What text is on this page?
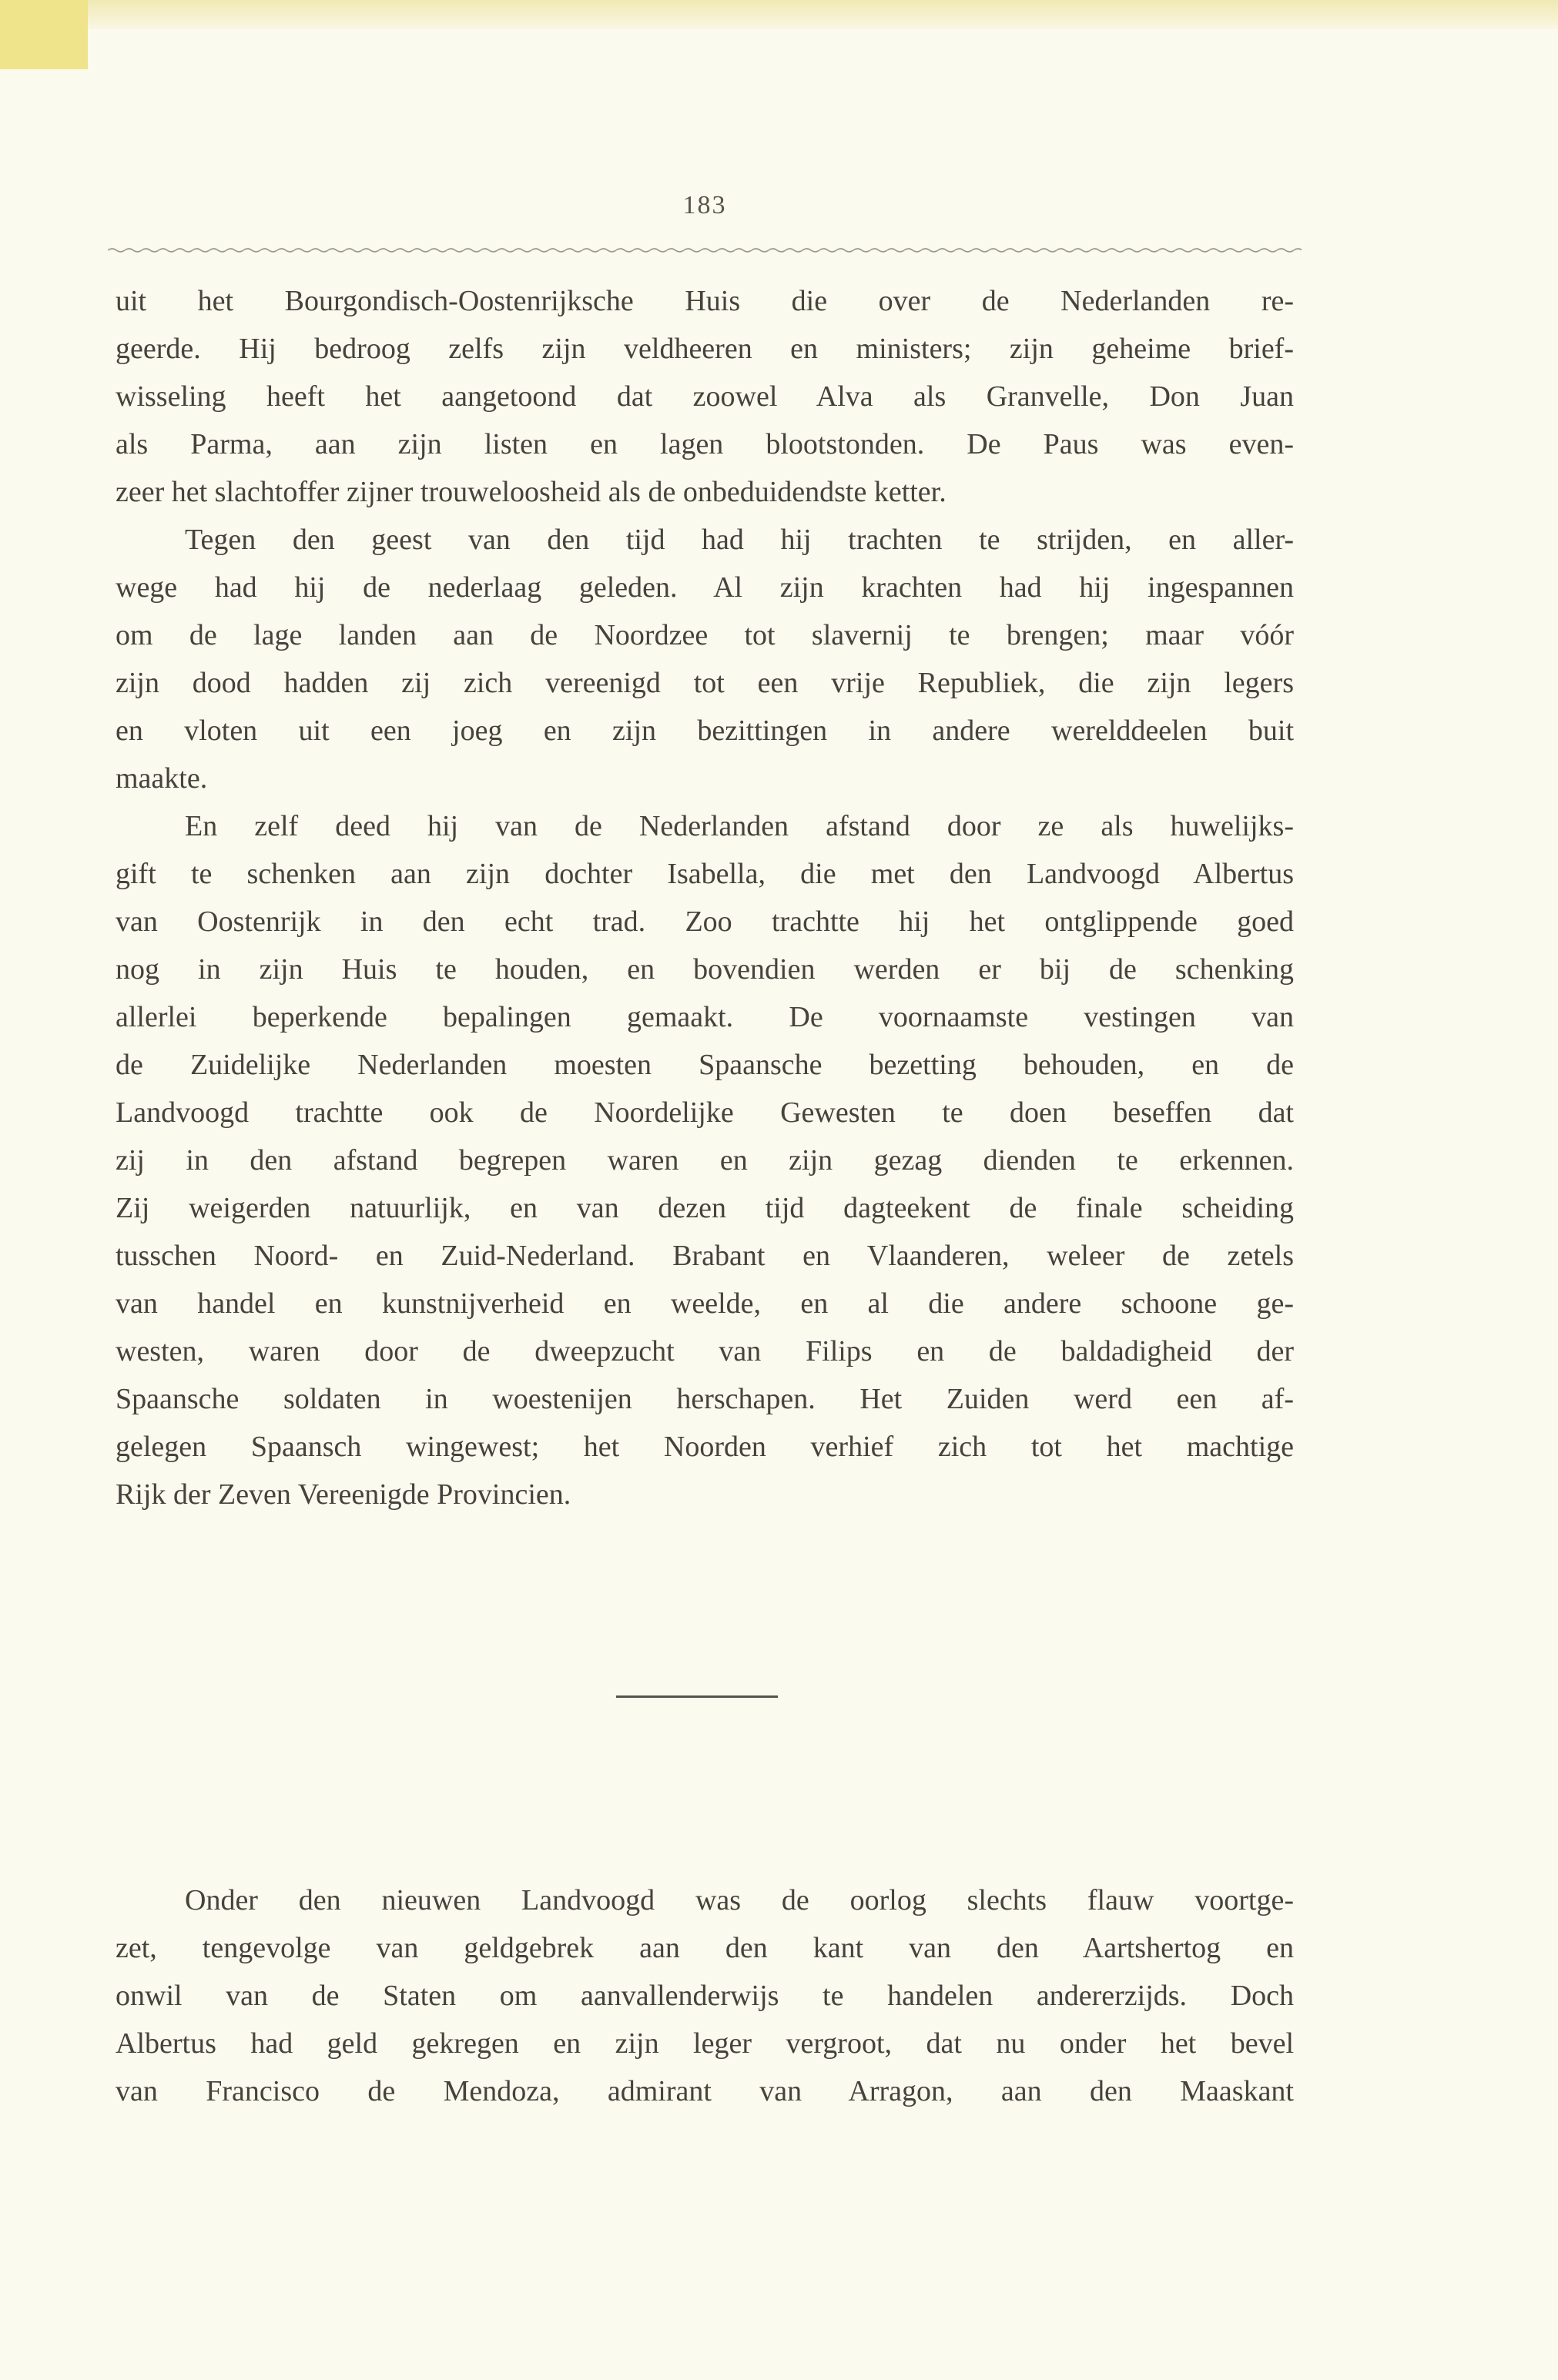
183
uit het Bourgondisch-Oostenrijksche Huis die over de Nederlanden re-
geerde. Hij bedroog zelfs zijn veldheeren en ministers; zijn geheime brief-
wisseling heeft het aangetoond dat zoowel Alva als Granvelle, Don Juan
als Parma, aan zijn listen en lagen blootstonden. De Paus was even-
zeer het slachtoffer zijner trouweloosheid als de onbeduidendste ketter.
Tegen den geest van den tijd had hij trachten te strijden, en aller-
wege had hij de nederlaag geleden. Al zijn krachten had hij ingespannen
om de lage landen aan de Noordzee tot slavernij te brengen; maar vóór
zijn dood hadden zij zich vereenigd tot een vrije Republiek, die zijn legers
en vloten uit een joeg en zijn bezittingen in andere werelddeelen buit
maakte.
En zelf deed hij van de Nederlanden afstand door ze als huwelijks-
gift te schenken aan zijn dochter Isabella, die met den Landvoogd Albertus
van Oostenrijk in den echt trad. Zoo trachtte hij het ontglippende goed
nog in zijn Huis te houden, en bovendien werden er bij de schenking
allerlei beperkende bepalingen gemaakt. De voornaamste vestingen van
de Zuidelijke Nederlanden moesten Spaansche bezetting behouden, en de
Landvoogd trachtte ook de Noordelijke Gewesten te doen beseffen dat
zij in den afstand begrepen waren en zijn gezag dienden te erkennen.
Zij weigerden natuurlijk, en van dezen tijd dagteekent de finale scheiding
tusschen Noord- en Zuid-Nederland. Brabant en Vlaanderen, weleer de zetels
van handel en kunstnijverheid en weelde, en al die andere schoone ge-
westen, waren door de dweepzucht van Filips en de baldadigheid der
Spaansche soldaten in woestenijen herschapen. Het Zuiden werd een af-
gelegen Spaansch wingewest; het Noorden verhief zich tot het machtige
Rijk der Zeven Vereenigde Provincien.
Onder den nieuwen Landvoogd was de oorlog slechts flauw voortge-
zet, tengevolge van geldgebrek aan den kant van den Aartshertog en
onwil van de Staten om aanvallenderwijs te handelen andererzijds. Doch
Albertus had geld gekregen en zijn leger vergroot, dat nu onder het bevel
van Francisco de Mendoza, admirant van Arragon, aan den Maaskant
